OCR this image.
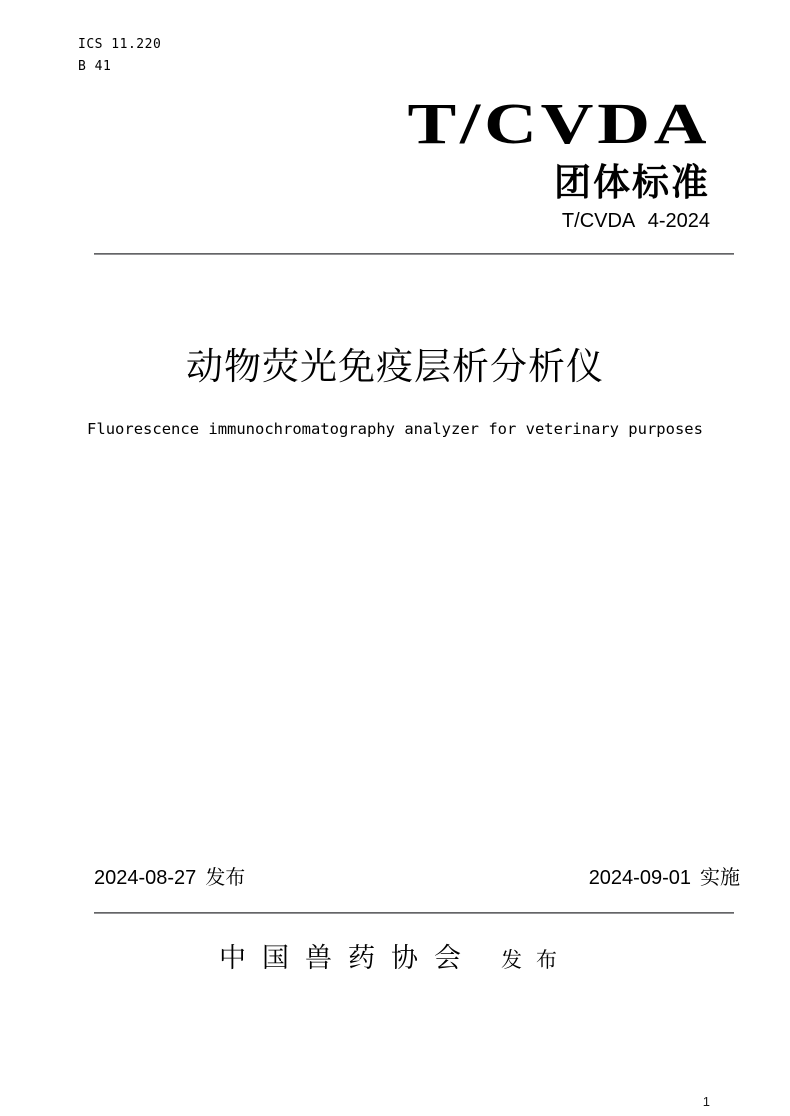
ICS 11.220
B 41
T/CVDA
团体标准
T/CVDA 4-2024
动物荧光免疫层析分析仪
Fluorescence immunochromatography analyzer for veterinary purposes
2024-08-27 发布	2024-09-01 实施
中国兽药协会 发布
1
